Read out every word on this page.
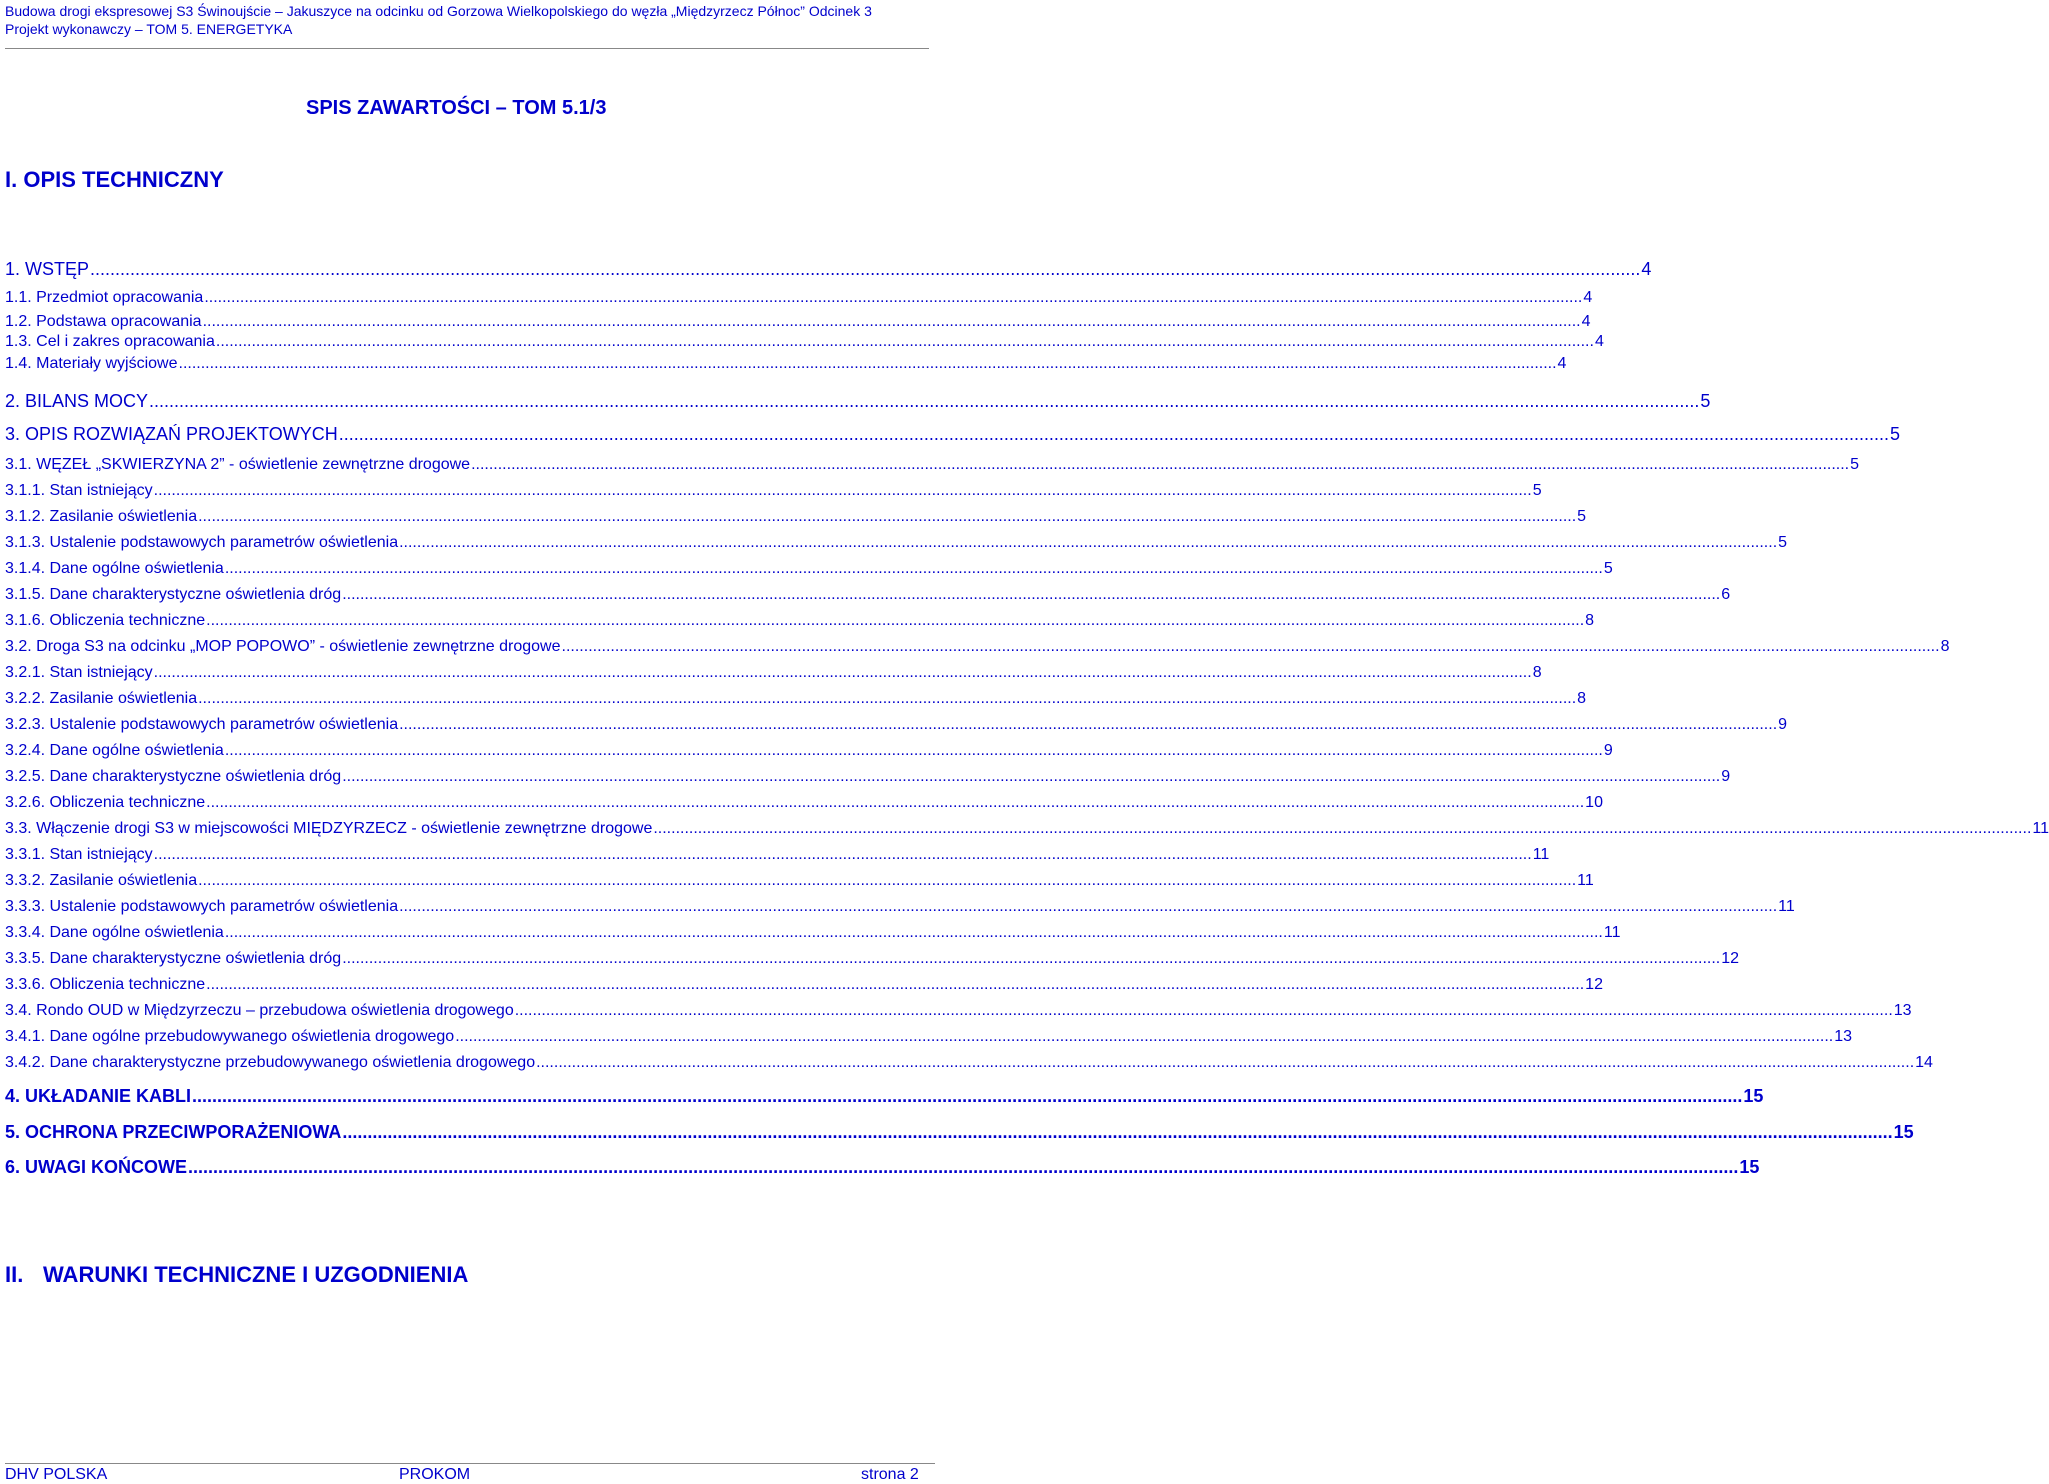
Budowa drogi ekspresowej S3 Świnoujście – Jakuszyce na odcinku od Gorzowa Wielkopolskiego do węzła „Międzyrzecz Północ” Odcinek 3
Projekt wykonawczy – TOM 5. ENERGETYKA
SPIS ZAWARTOŚCI – TOM 5.1/3
I. OPIS TECHNICZNY
1. WSTĘP .....	4
1.1. Przedmiot opracowania .....	4
1.2. Podstawa opracowania .....	4
1.3. Cel i zakres opracowania .....	4
1.4. Materiały wyjściowe .....	4
2. BILANS MOCY .....	5
3. OPIS ROZWIĄZAŃ PROJEKTOWYCH .....	5
3.1. WĘZEŁ „SKWIERZYNA 2” - oświetlenie zewnętrzne drogowe .....	5
3.1.1. Stan istniejący .....	5
3.1.2. Zasilanie oświetlenia .....	5
3.1.3. Ustalenie podstawowych parametrów oświetlenia .....	5
3.1.4. Dane ogólne oświetlenia .....	5
3.1.5. Dane charakterystyczne oświetlenia dróg .....	6
3.1.6. Obliczenia techniczne .....	8
3.2. Droga S3 na odcinku „MOP POPOWO” - oświetlenie zewnętrzne drogowe .....	8
3.2.1. Stan istniejący .....	8
3.2.2. Zasilanie oświetlenia .....	8
3.2.3. Ustalenie podstawowych parametrów oświetlenia .....	9
3.2.4. Dane ogólne oświetlenia .....	9
3.2.5. Dane charakterystyczne oświetlenia dróg .....	9
3.2.6. Obliczenia techniczne .....	10
3.3. Włączenie drogi S3 w miejscowości MIĘDZYRZECZ - oświetlenie zewnętrzne drogowe .....	11
3.3.1. Stan istniejący .....	11
3.3.2. Zasilanie oświetlenia .....	11
3.3.3. Ustalenie podstawowych parametrów oświetlenia .....	11
3.3.4. Dane ogólne oświetlenia .....	11
3.3.5. Dane charakterystyczne oświetlenia dróg .....	12
3.3.6. Obliczenia techniczne .....	12
3.4. Rondo OUD w Międzyrzeczu – przebudowa oświetlenia drogowego .....	13
3.4.1. Dane ogólne przebudowywanego oświetlenia drogowego .....	13
3.4.2. Dane charakterystyczne przebudowywanego oświetlenia drogowego .....	14
4. UKŁADANIE KABLI .....	15
5. OCHRONA PRZECIWPORAŻENIOWA .....	15
6. UWAGI KOŃCOWE .....	15
II. WARUNKI TECHNICZNE I UZGODNIENIA
DHV POLSKA	PROKOM	strona 2
